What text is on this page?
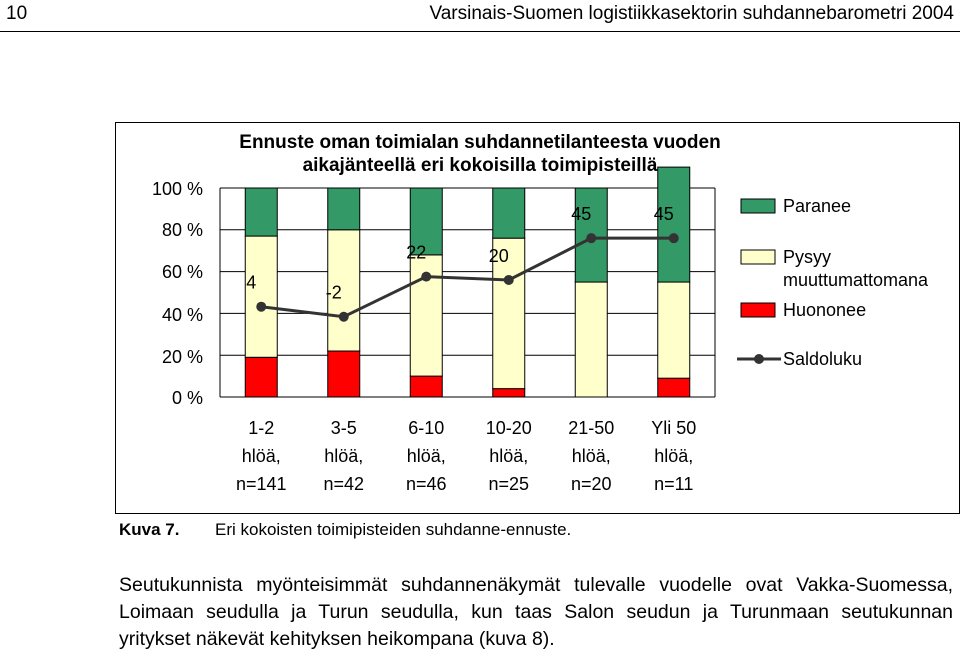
10	Varsinais-Suomen logistiikkasektorin suhdannebarometri 2004
Ennuste oman toimialan suhdannetilanteesta vuoden
aikajänteellä eri kokoisilla toimipisteillä
0 %
20 %
40 %
60 %
80 %
100 %
4
-2
22	20
45	45
1-2
hlöä,
n=141
3-5
hlöä,
n=42
6-10
hlöä,
n=46
10-20
hlöä,
n=25
21-50
hlöä,
n=20
Yli 50
hlöä,
n=11
Paranee
Pysyy
muuttumattomana
Huononee
Saldoluku
Kuva 7. Eri kokoisten toimipisteiden suhdanne-ennuste.

Seutukunnista myönteisimmät suhdannenäkymät tulevalle vuodelle ovat Vakka-Suomessa, Loimaan seudulla ja Turun seudulla, kun taas Salon seudun ja Turunmaan seutukunnan yritykset näkevät kehityksen heikompana (kuva 8).
